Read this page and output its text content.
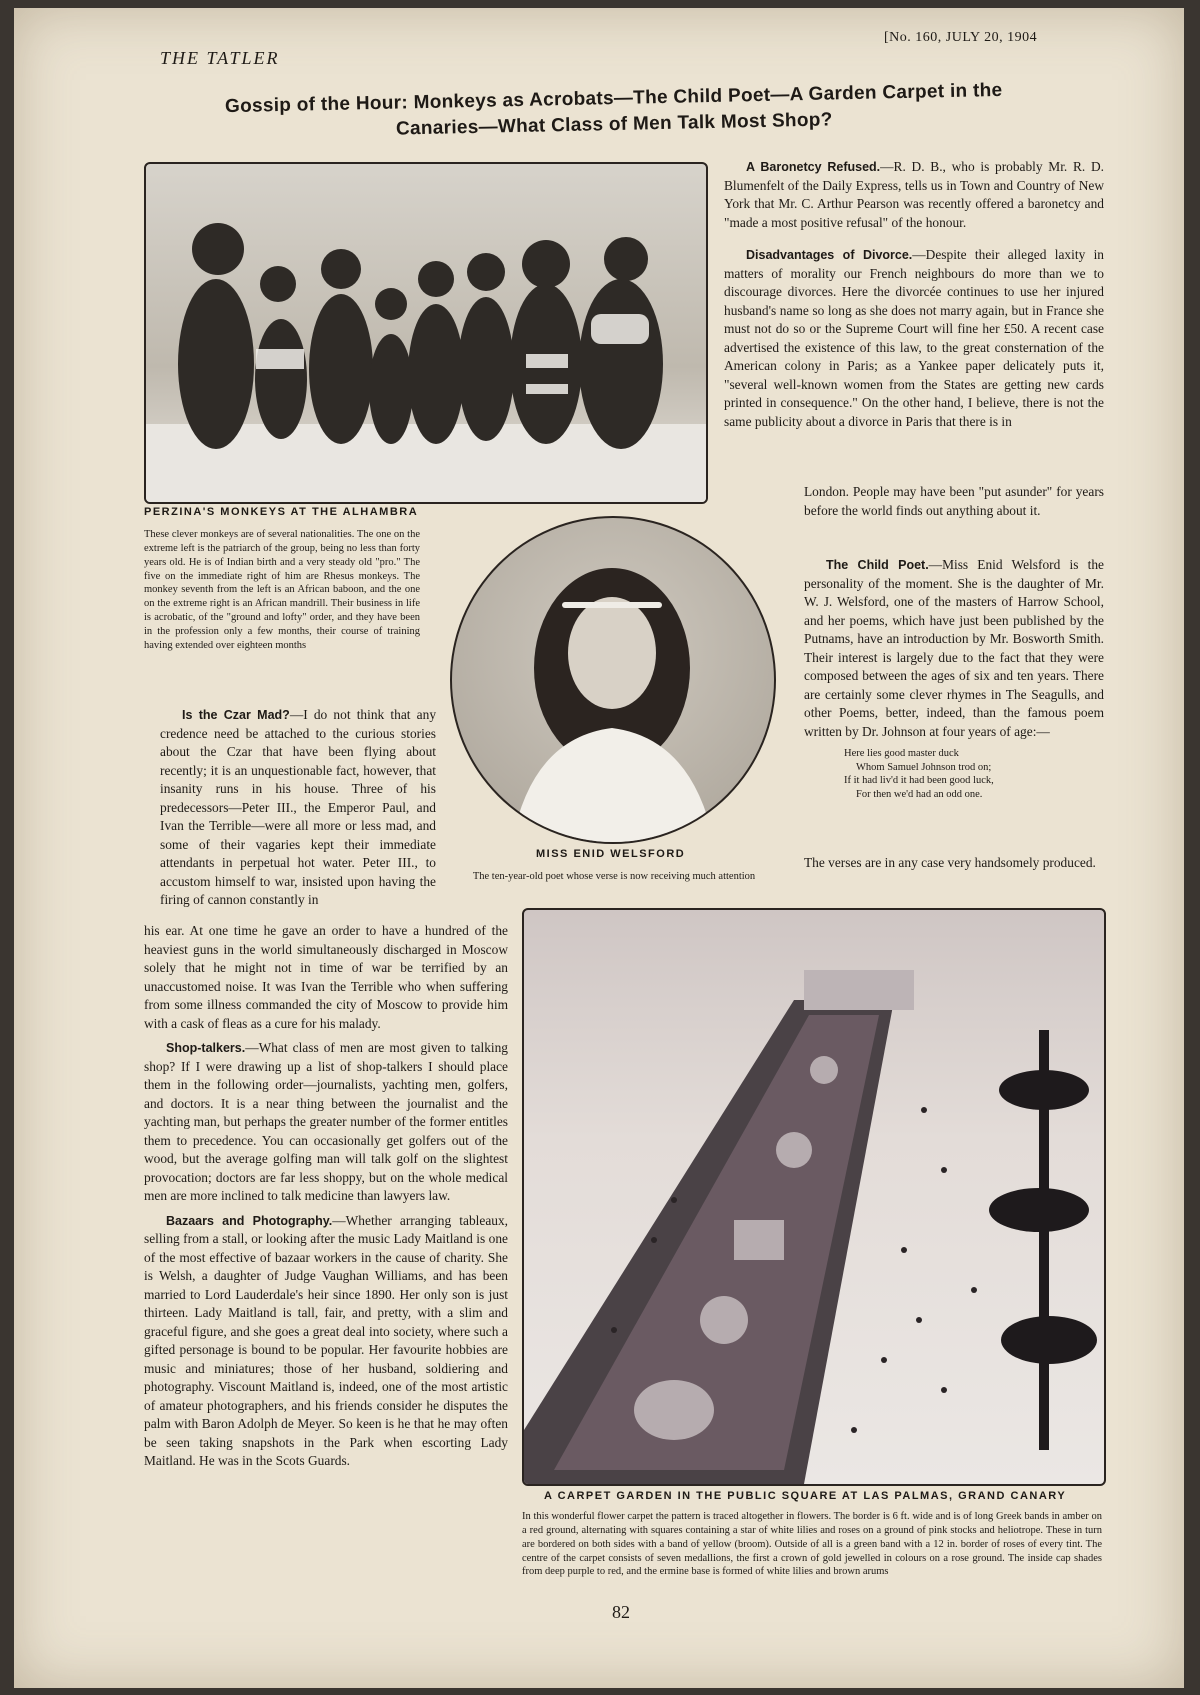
THE TATLER
[No. 160, JULY 20, 1904
Gossip of the Hour: Monkeys as Acrobats—The Child Poet—A Garden Carpet in the
Canaries—What Class of Men Talk Most Shop?
PERZINA'S MONKEYS AT THE ALHAMBRA
These clever monkeys are of several nationalities. The one on the extreme left is the patriarch of the group, being no less than forty years old. He is of Indian birth and a very steady old "pro." The five on the immediate right of him are Rhesus monkeys. The monkey seventh from the left is an African baboon, and the one on the extreme right is an African mandrill. Their business in life is acrobatic, of the "ground and lofty" order, and they have been in the profession only a few months, their course of training having extended over eighteen months
MISS ENID WELSFORD
The ten-year-old poet whose verse is now receiving much attention

A Baronetcy Refused.—R. D. B., who is probably Mr. R. D. Blumenfelt of the Daily Express, tells us in Town and Country of New York that Mr. C. Arthur Pearson was recently offered a baronetcy and "made a most positive refusal" of the honour.

Disadvantages of Divorce.—Despite their alleged laxity in matters of morality our French neighbours do more than we to discourage divorces. Here the divorcée continues to use her injured husband's name so long as she does not marry again, but in France she must not do so or the Supreme Court will fine her £50. A recent case advertised the existence of this law, to the great consternation of the American colony in Paris; as a Yankee paper delicately puts it, "several well-known women from the States are getting new cards printed in consequence." On the other hand, I believe, there is not the same publicity about a divorce in Paris that there is in

London. People may have been "put asunder" for years before the world finds out anything about it.

The Child Poet.—Miss Enid Welsford is the personality of the moment. She is the daughter of Mr. W. J. Welsford, one of the masters of Harrow School, and her poems, which have just been published by the Putnams, have an introduction by Mr. Bosworth Smith. Their interest is largely due to the fact that they were composed between the ages of six and ten years. There are certainly some clever rhymes in The Seagulls, and other Poems, better, indeed, than the famous poem written by Dr. Johnson at four years of age:—

Here lies good master duck
Whom Samuel Johnson trod on;
If it had liv'd it had been good luck,
For then we'd had an odd one.
The verses are in any case very handsomely produced.

Is the Czar Mad?—I do not think that any credence need be attached to the curious stories about the Czar that have been flying about recently; it is an unquestionable fact, however, that insanity runs in his house. Three of his predecessors—Peter III., the Emperor Paul, and Ivan the Terrible—were all more or less mad, and some of their vagaries kept their immediate attendants in perpetual hot water. Peter III., to accustom himself to war, insisted upon having the firing of cannon constantly in

his ear. At one time he gave an order to have a hundred of the heaviest guns in the world simultaneously discharged in Moscow solely that he might not in time of war be terrified by an unaccustomed noise. It was Ivan the Terrible who when suffering from some illness commanded the city of Moscow to provide him with a cask of fleas as a cure for his malady.

Shop-talkers.—What class of men are most given to talking shop? If I were drawing up a list of shop-talkers I should place them in the following order—journalists, yachting men, golfers, and doctors. It is a near thing between the journalist and the yachting man, but perhaps the greater number of the former entitles them to precedence. You can occasionally get golfers out of the wood, but the average golfing man will talk golf on the slightest provocation; doctors are far less shoppy, but on the whole medical men are more inclined to talk medicine than lawyers law.

Bazaars and Photography.—Whether arranging tableaux, selling from a stall, or looking after the music Lady Maitland is one of the most effective of bazaar workers in the cause of charity. She is Welsh, a daughter of Judge Vaughan Williams, and has been married to Lord Lauderdale's heir since 1890. Her only son is just thirteen. Lady Maitland is tall, fair, and pretty, with a slim and graceful figure, and she goes a great deal into society, where such a gifted personage is bound to be popular. Her favourite hobbies are music and miniatures; those of her husband, soldiering and photography. Viscount Maitland is, indeed, one of the most artistic of amateur photographers, and his friends consider he disputes the palm with Baron Adolph de Meyer. So keen is he that he may often be seen taking snapshots in the Park when escorting Lady Maitland. He was in the Scots Guards.

A CARPET GARDEN IN THE PUBLIC SQUARE AT LAS PALMAS, GRAND CANARY
In this wonderful flower carpet the pattern is traced altogether in flowers. The border is 6 ft. wide and is of long Greek bands in amber on a red ground, alternating with squares containing a star of white lilies and roses on a ground of pink stocks and heliotrope. These in turn are bordered on both sides with a band of yellow (broom). Outside of all is a green band with a 12 in. border of roses of every tint. The centre of the carpet consists of seven medallions, the first a crown of gold jewelled in colours on a rose ground. The inside cap shades from deep purple to red, and the ermine base is formed of white lilies and brown arums
82
